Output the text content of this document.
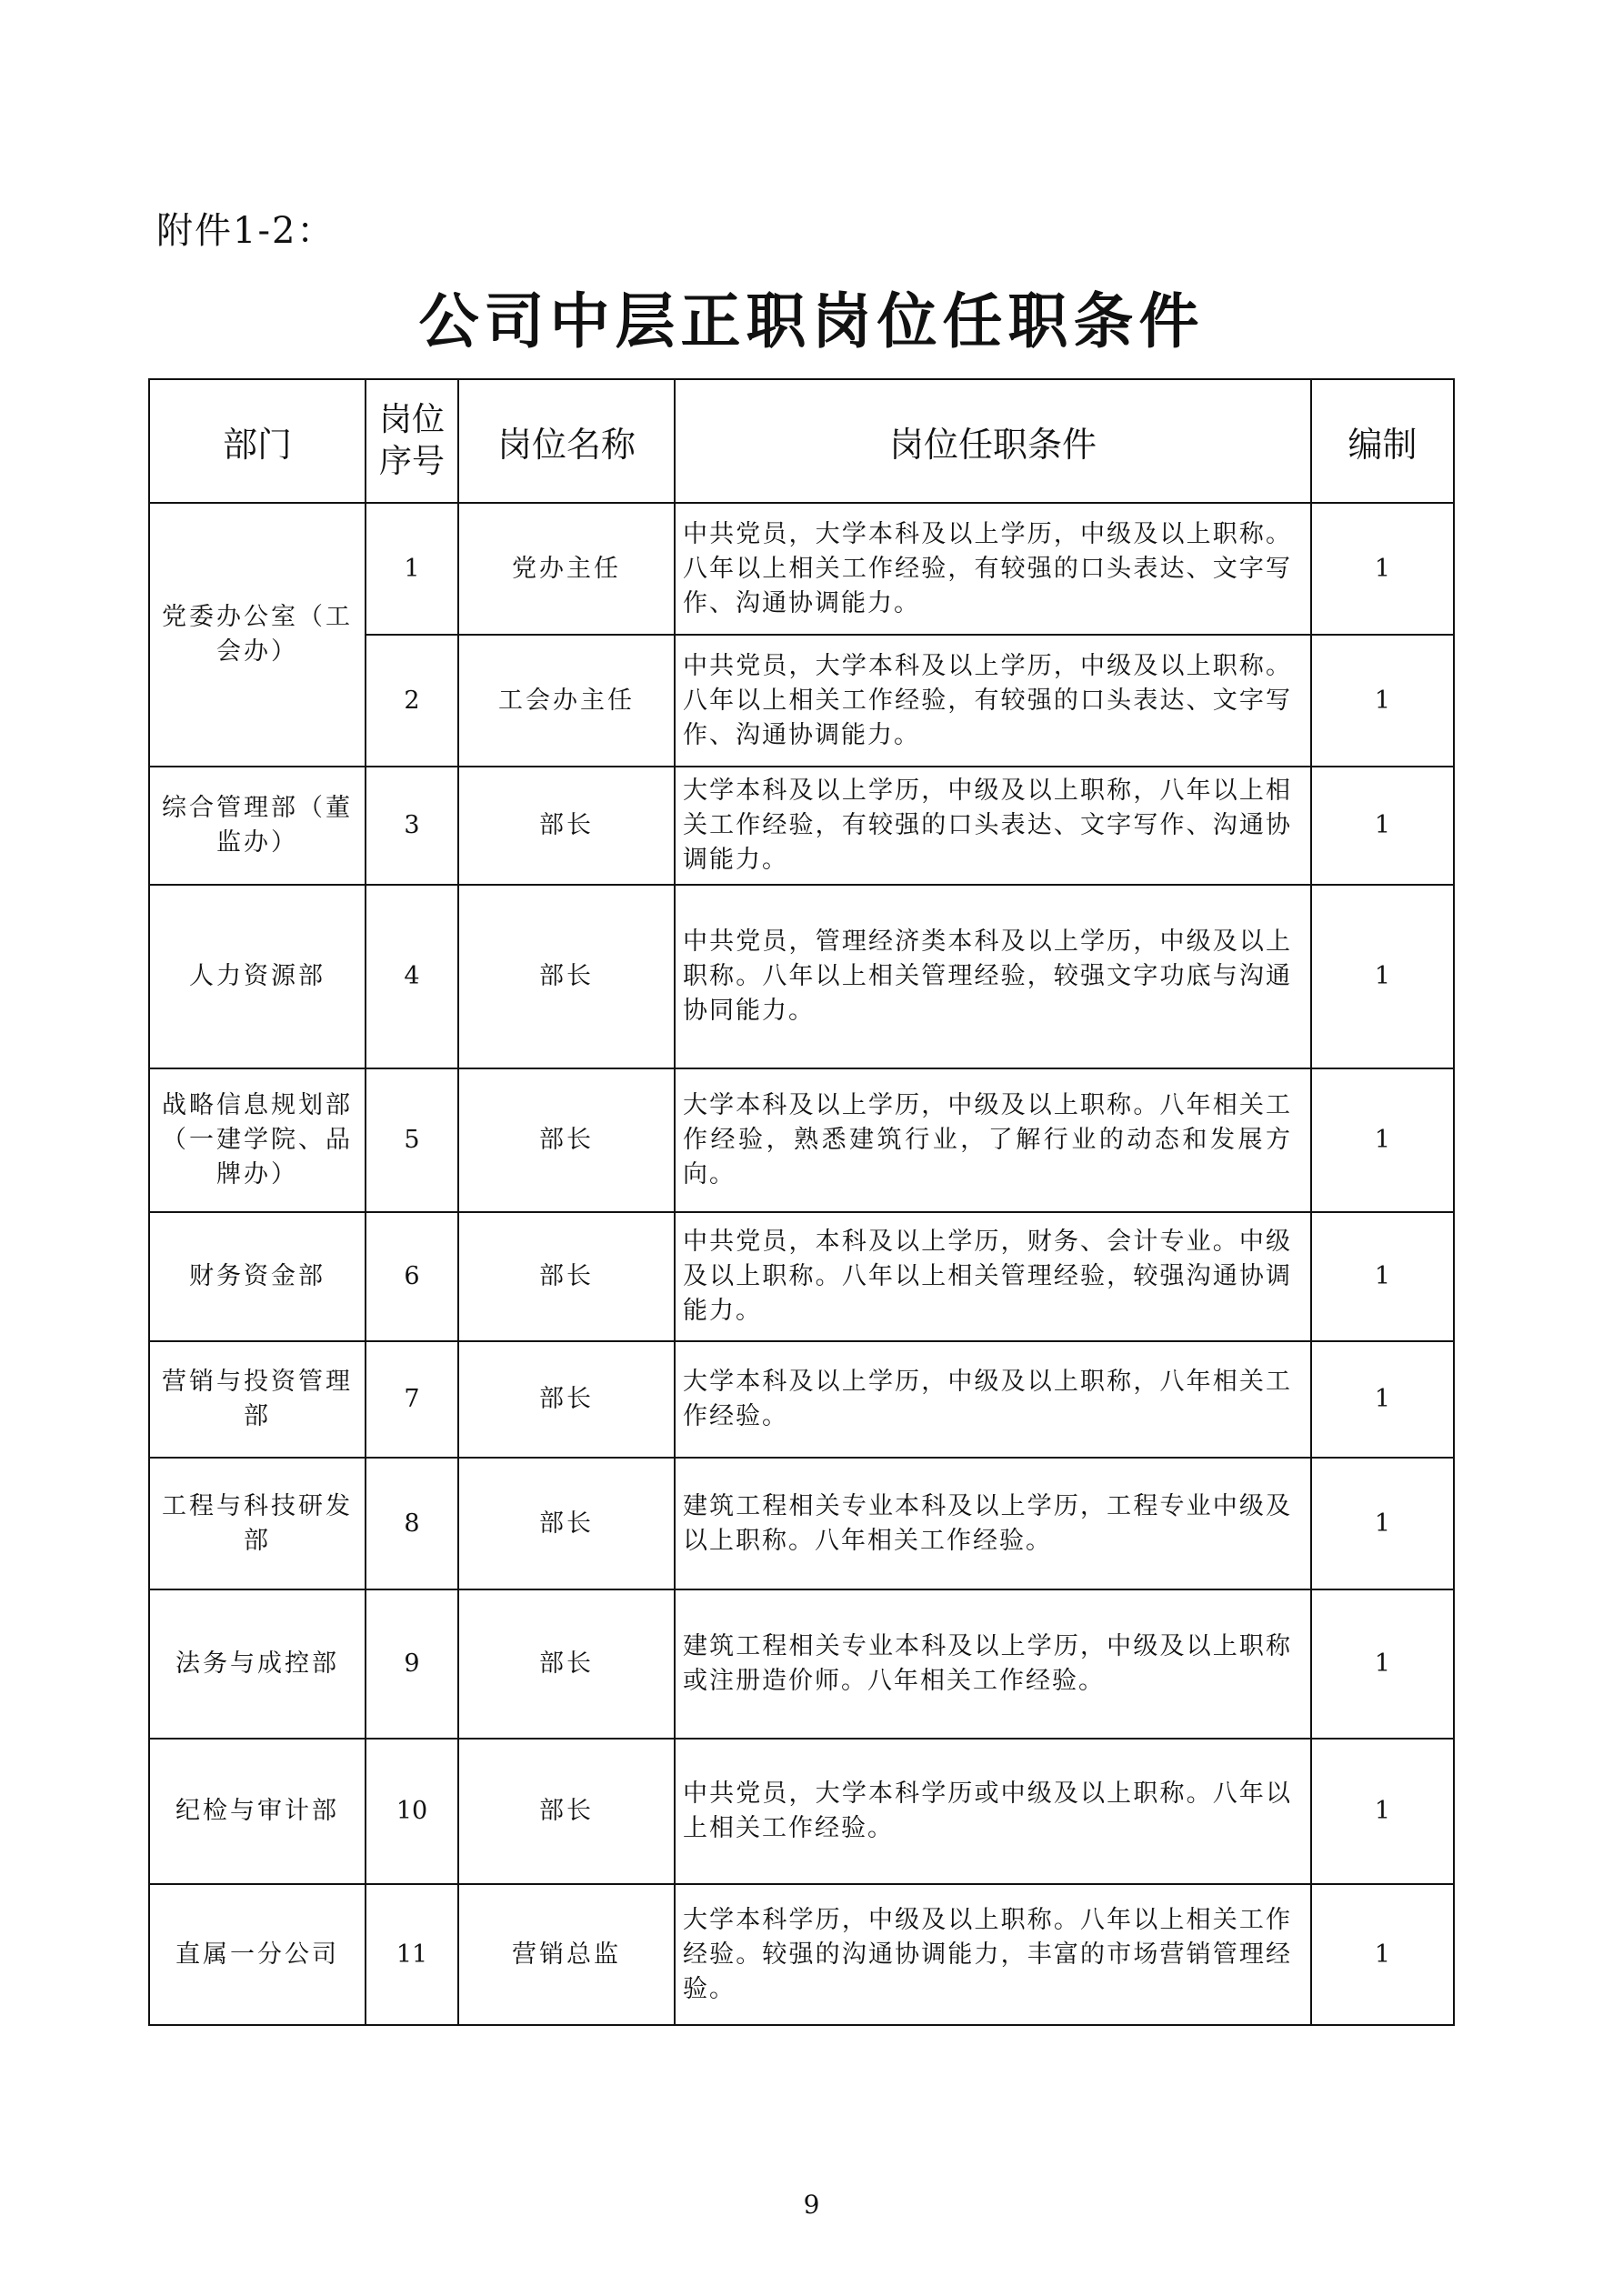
附件1-2：
公司中层正职岗位任职条件
部门	岗位序号	岗位名称	岗位任职条件	编制
党委办公室（工会办）	1	党办主任	中共党员，大学本科及以上学历，中级及以上职称。八年以上相关工作经验，有较强的口头表达、文字写作、沟通协调能力。	1
	2	工会办主任	中共党员，大学本科及以上学历，中级及以上职称。八年以上相关工作经验，有较强的口头表达、文字写作、沟通协调能力。	1
综合管理部（董监办）	3	部长	大学本科及以上学历，中级及以上职称，八年以上相关工作经验，有较强的口头表达、文字写作、沟通协调能力。	1
人力资源部	4	部长	中共党员，管理经济类本科及以上学历，中级及以上职称。八年以上相关管理经验，较强文字功底与沟通协同能力。	1
战略信息规划部（一建学院、品牌办）	5	部长	大学本科及以上学历，中级及以上职称。八年相关工作经验，熟悉建筑行业，了解行业的动态和发展方向。	1
财务资金部	6	部长	中共党员，本科及以上学历，财务、会计专业。中级及以上职称。八年以上相关管理经验，较强沟通协调能力。	1
营销与投资管理部	7	部长	大学本科及以上学历，中级及以上职称，八年相关工作经验。	1
工程与科技研发部	8	部长	建筑工程相关专业本科及以上学历，工程专业中级及以上职称。八年相关工作经验。	1
法务与成控部	9	部长	建筑工程相关专业本科及以上学历，中级及以上职称或注册造价师。八年相关工作经验。	1
纪检与审计部	10	部长	中共党员，大学本科学历或中级及以上职称。八年以上相关工作经验。	1
直属一分公司	11	营销总监	大学本科学历，中级及以上职称。八年以上相关工作经验。较强的沟通协调能力，丰富的市场营销管理经验。	1
9
